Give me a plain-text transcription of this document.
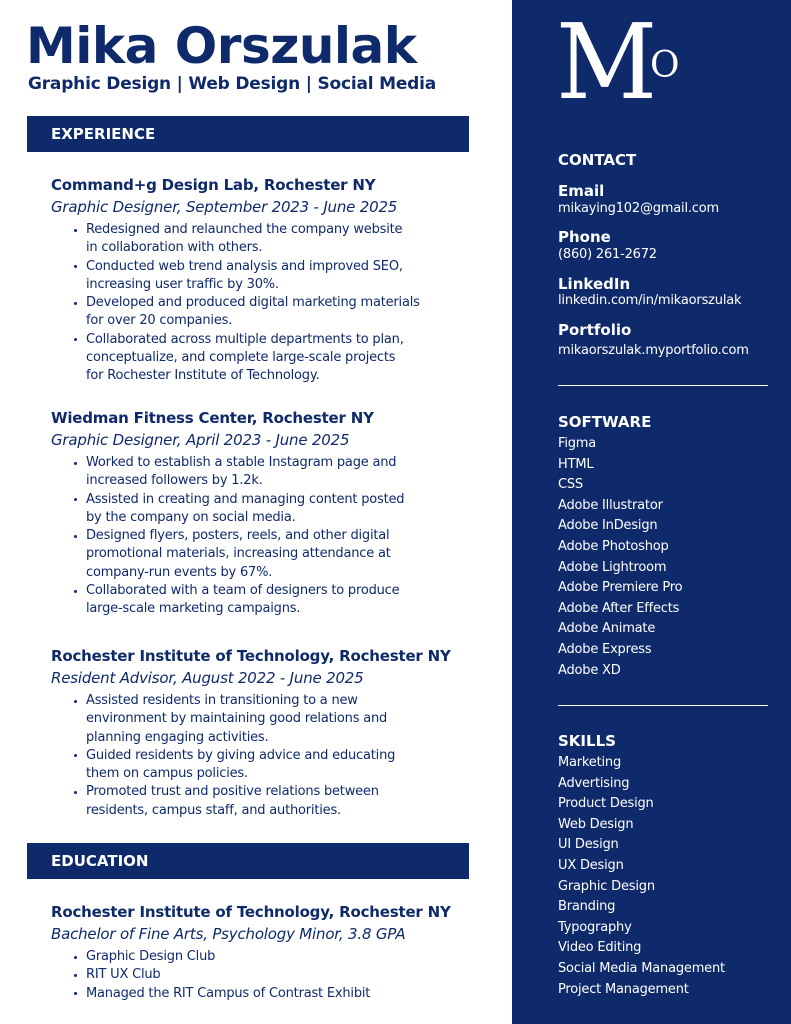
Mika Orszulak

Graphic Design | Web Design | Social Media

EXPERIENCE

Command+g Design Lab, Rochester NY

Graphic Designer, September 2023 - June 2025

Redesigned and relaunched the company website
in collaboration with others.
Conducted web trend analysis and improved SEO,
increasing user traffic by 30%.
Developed and produced digital marketing materials
for over 20 companies.
Collaborated across multiple departments to plan,
conceptualize, and complete large-scale projects
for Rochester Institute of Technology.

Wiedman Fitness Center, Rochester NY

Graphic Designer, April 2023 - June 2025

Worked to establish a stable Instagram page and
increased followers by 1.2k.
Assisted in creating and managing content posted
by the company on social media.
Designed flyers, posters, reels, and other digital
promotional materials, increasing attendance at
company-run events by 67%.
Collaborated with a team of designers to produce
large-scale marketing campaigns.

Rochester Institute of Technology, Rochester NY

Resident Advisor, August 2022 - June 2025

Assisted residents in transitioning to a new
environment by maintaining good relations and
planning engaging activities.
Guided residents by giving advice and educating
them on campus policies.
Promoted trust and positive relations between
residents, campus staff, and authorities.
EDUCATION

Rochester Institute of Technology, Rochester NY

Bachelor of Fine Arts, Psychology Minor, 3.8 GPA

Graphic Design Club
RIT UX Club
Managed the RIT Campus of Contrast Exhibit
M
O

CONTACT

Email

mikaying102@gmail.com

Phone

(860) 261-2672

LinkedIn

linkedin.com/in/mikaorszulak

Portfolio

mikaorszulak.myportfolio.com

SOFTWARE

Figma
HTML
CSS
Adobe Illustrator
Adobe InDesign
Adobe Photoshop
Adobe Lightroom
Adobe Premiere Pro
Adobe After Effects
Adobe Animate
Adobe Express
Adobe XD

SKILLS

Marketing
Advertising
Product Design
Web Design
UI Design
UX Design
Graphic Design
Branding
Typography
Video Editing
Social Media Management
Project Management
